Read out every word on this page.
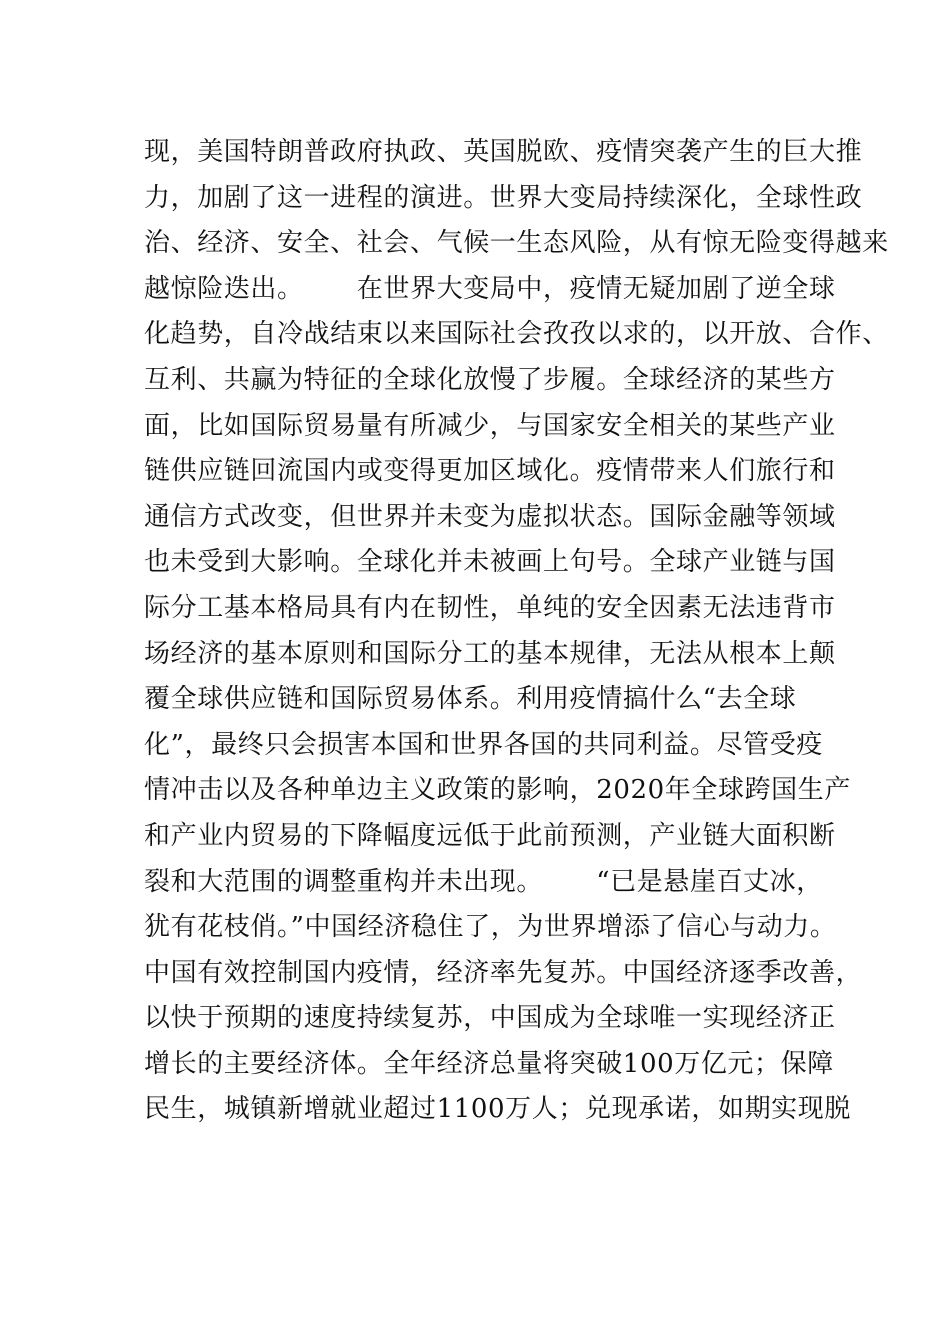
现，美国特朗普政府执政、英国脱欧、疫情突袭产生的巨大推
力，加剧了这一进程的演进。世界大变局持续深化，全球性政
治、经济、安全、社会、气候一生态风险，从有惊无险变得越来
越惊险迭出。      在世界大变局中，疫情无疑加剧了逆全球
化趋势，自冷战结束以来国际社会孜孜以求的，以开放、合作、
互利、共赢为特征的全球化放慢了步履。全球经济的某些方
面，比如国际贸易量有所减少，与国家安全相关的某些产业
链供应链回流国内或变得更加区域化。疫情带来人们旅行和
通信方式改变，但世界并未变为虚拟状态。国际金融等领域
也未受到大影响。全球化并未被画上句号。全球产业链与国
际分工基本格局具有内在韧性，单纯的安全因素无法违背市
场经济的基本原则和国际分工的基本规律，无法从根本上颠
覆全球供应链和国际贸易体系。利用疫情搞什么“去全球
化”，最终只会损害本国和世界各国的共同利益。尽管受疫
情冲击以及各种单边主义政策的影响，2020年全球跨国生产
和产业内贸易的下降幅度远低于此前预测，产业链大面积断
裂和大范围的调整重构并未出现。      “已是悬崖百丈冰，
犹有花枝俏。”中国经济稳住了，为世界增添了信心与动力。
中国有效控制国内疫情，经济率先复苏。中国经济逐季改善，
以快于预期的速度持续复苏，中国成为全球唯一实现经济正
增长的主要经济体。全年经济总量将突破100万亿元；保障
民生，城镇新增就业超过1100万人；兑现承诺，如期实现脱
